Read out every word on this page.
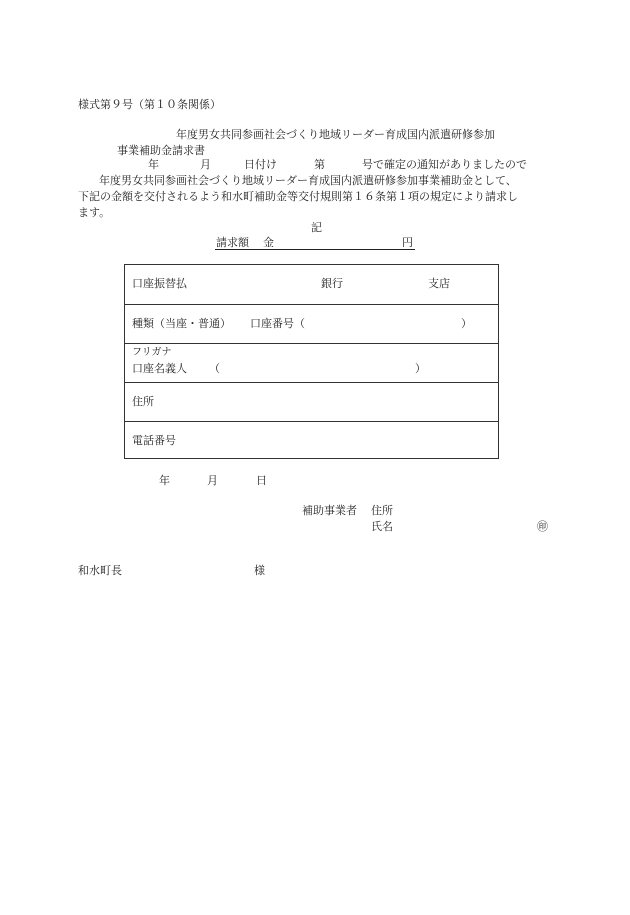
様式第９号（第１０条関係）
年度男女共同参画社会づくり地域リーダー育成国内派遣研修参加
事業補助金請求書
年	月	日付け	第	号で確定の通知がありましたので
年度男女共同参画社会づくり地域リーダー育成国内派遣研修参加事業補助金として、
下記の金額を交付されるよう和水町補助金等交付規則第１６条第１項の規定により請求し
ます。
記
請求額 金	円
口座振替払	銀行	支店
種類（当座・普通） 口座番号（	）
フリガナ
口座名義人 （	）
住所
電話番号
年	月	日
補助事業者 住所
氏名	㊞
和水町長	様
